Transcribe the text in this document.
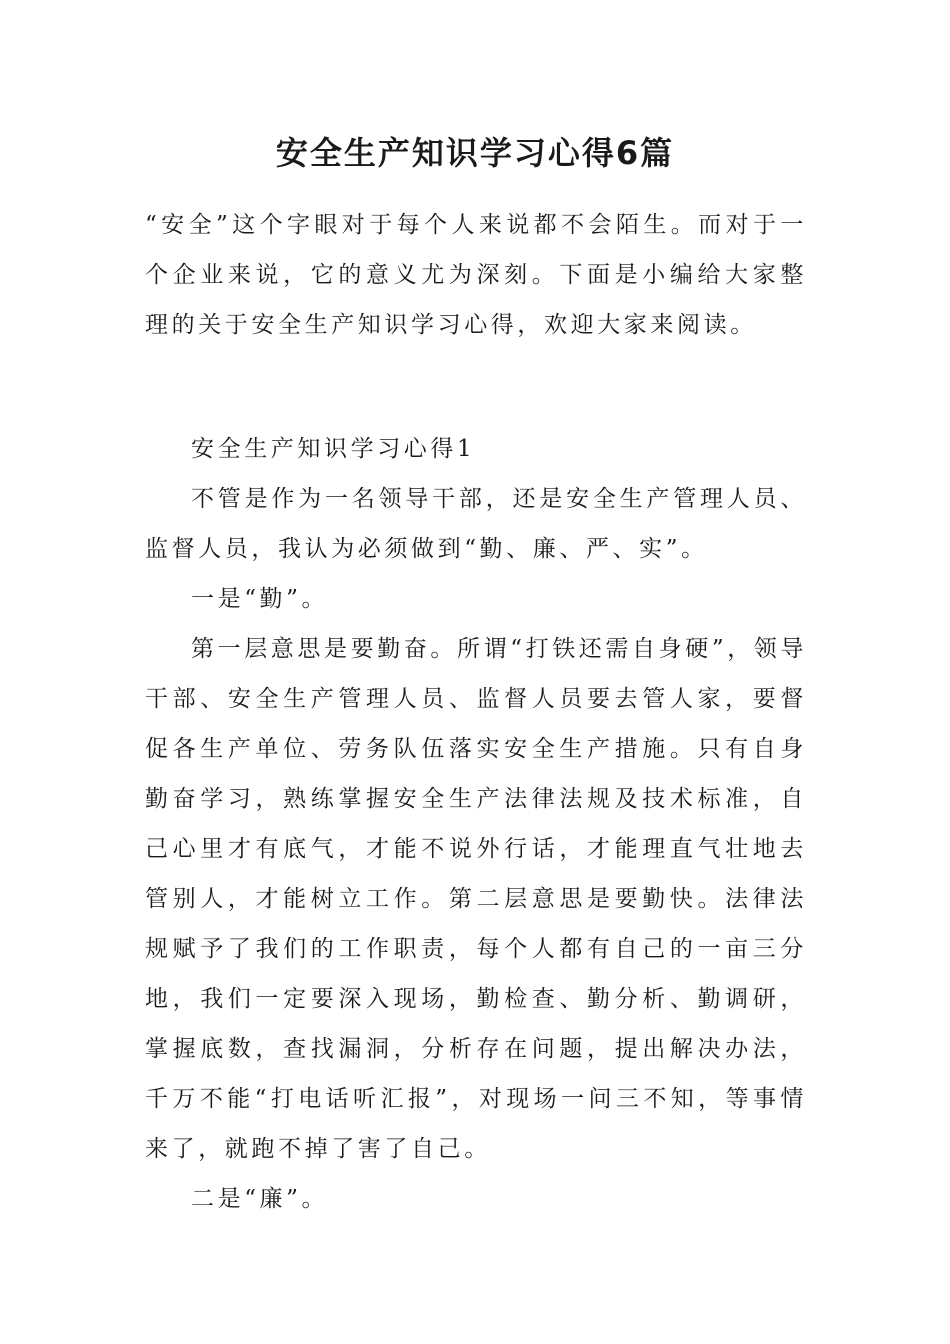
安全生产知识学习心得6篇

“安全”这个字眼对于每个人来说都不会陌生。而对于一个企业来说，它的意义尤为深刻。下面是小编给大家整理的关于安全生产知识学习心得，欢迎大家来阅读。

安全生产知识学习心得1

不管是作为一名领导干部，还是安全生产管理人员、监督人员，我认为必须做到“勤、廉、严、实”。

一是“勤”。

第一层意思是要勤奋。所谓“打铁还需自身硬”，领导干部、安全生产管理人员、监督人员要去管人家，要督促各生产单位、劳务队伍落实安全生产措施。只有自身勤奋学习，熟练掌握安全生产法律法规及技术标准，自己心里才有底气，才能不说外行话，才能理直气壮地去管别人，才能树立工作。第二层意思是要勤快。法律法规赋予了我们的工作职责，每个人都有自己的一亩三分地，我们一定要深入现场，勤检查、勤分析、勤调研，掌握底数，查找漏洞，分析存在问题，提出解决办法，千万不能“打电话听汇报”，对现场一问三不知，等事情来了，就跑不掉了害了自己。

二是“廉”。
